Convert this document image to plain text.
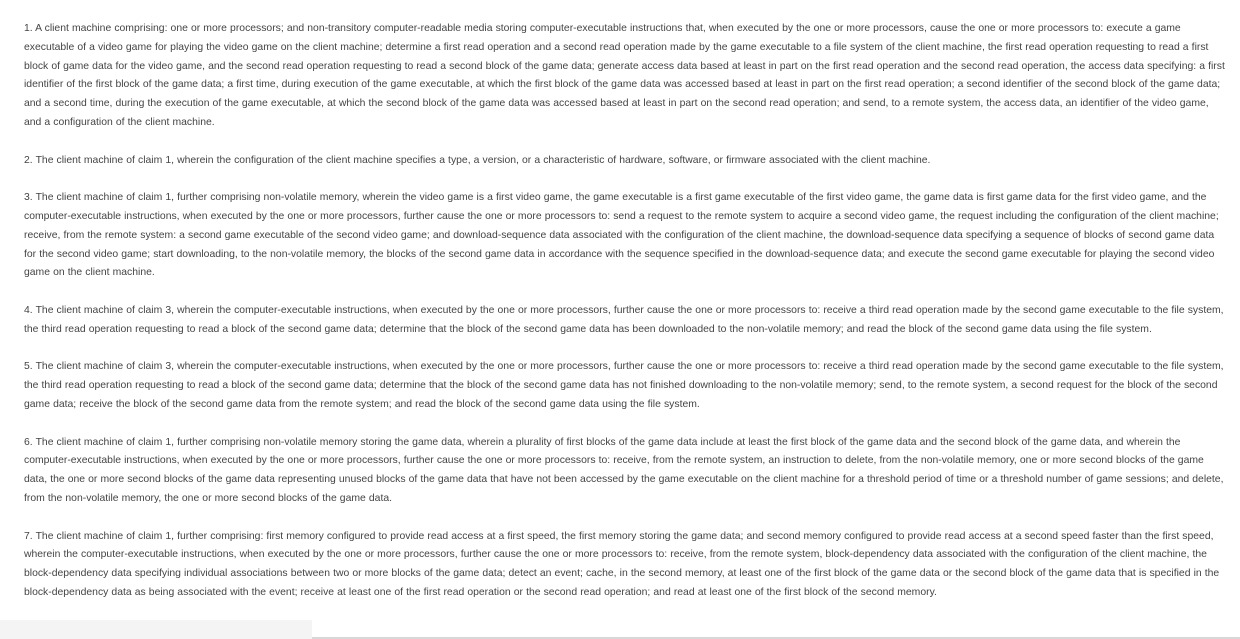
1. A client machine comprising: one or more processors; and non-transitory computer-readable media storing computer-executable instructions that, when executed by the one or more processors, cause the one or more processors to: execute a game executable of a video game for playing the video game on the client machine; determine a first read operation and a second read operation made by the game executable to a file system of the client machine, the first read operation requesting to read a first block of game data for the video game, and the second read operation requesting to read a second block of the game data; generate access data based at least in part on the first read operation and the second read operation, the access data specifying: a first identifier of the first block of the game data; a first time, during execution of the game executable, at which the first block of the game data was accessed based at least in part on the first read operation; a second identifier of the second block of the game data; and a second time, during the execution of the game executable, at which the second block of the game data was accessed based at least in part on the second read operation; and send, to a remote system, the access data, an identifier of the video game, and a configuration of the client machine.

2. The client machine of claim 1, wherein the configuration of the client machine specifies a type, a version, or a characteristic of hardware, software, or firmware associated with the client machine.

3. The client machine of claim 1, further comprising non-volatile memory, wherein the video game is a first video game, the game executable is a first game executable of the first video game, the game data is first game data for the first video game, and the computer-executable instructions, when executed by the one or more processors, further cause the one or more processors to: send a request to the remote system to acquire a second video game, the request including the configuration of the client machine; receive, from the remote system: a second game executable of the second video game; and download-sequence data associated with the configuration of the client machine, the download-sequence data specifying a sequence of blocks of second game data for the second video game; start downloading, to the non-volatile memory, the blocks of the second game data in accordance with the sequence specified in the download-sequence data; and execute the second game executable for playing the second video game on the client machine.

4. The client machine of claim 3, wherein the computer-executable instructions, when executed by the one or more processors, further cause the one or more processors to: receive a third read operation made by the second game executable to the file system, the third read operation requesting to read a block of the second game data; determine that the block of the second game data has been downloaded to the non-volatile memory; and read the block of the second game data using the file system.

5. The client machine of claim 3, wherein the computer-executable instructions, when executed by the one or more processors, further cause the one or more processors to: receive a third read operation made by the second game executable to the file system, the third read operation requesting to read a block of the second game data; determine that the block of the second game data has not finished downloading to the non-volatile memory; send, to the remote system, a second request for the block of the second game data; receive the block of the second game data from the remote system; and read the block of the second game data using the file system.

6. The client machine of claim 1, further comprising non-volatile memory storing the game data, wherein a plurality of first blocks of the game data include at least the first block of the game data and the second block of the game data, and wherein the computer-executable instructions, when executed by the one or more processors, further cause the one or more processors to: receive, from the remote system, an instruction to delete, from the non-volatile memory, one or more second blocks of the game data, the one or more second blocks of the game data representing unused blocks of the game data that have not been accessed by the game executable on the client machine for a threshold period of time or a threshold number of game sessions; and delete, from the non-volatile memory, the one or more second blocks of the game data.

7. The client machine of claim 1, further comprising: first memory configured to provide read access at a first speed, the first memory storing the game data; and second memory configured to provide read access at a second speed faster than the first speed, wherein the computer-executable instructions, when executed by the one or more processors, further cause the one or more processors to: receive, from the remote system, block-dependency data associated with the configuration of the client machine, the block-dependency data specifying individual associations between two or more blocks of the game data; detect an event; cache, in the second memory, at least one of the first block of the game data or the second block of the game data that is specified in the block-dependency data as being associated with the event; receive at least one of the first read operation or the second read operation; and read at least one of the first block of the second memory.
